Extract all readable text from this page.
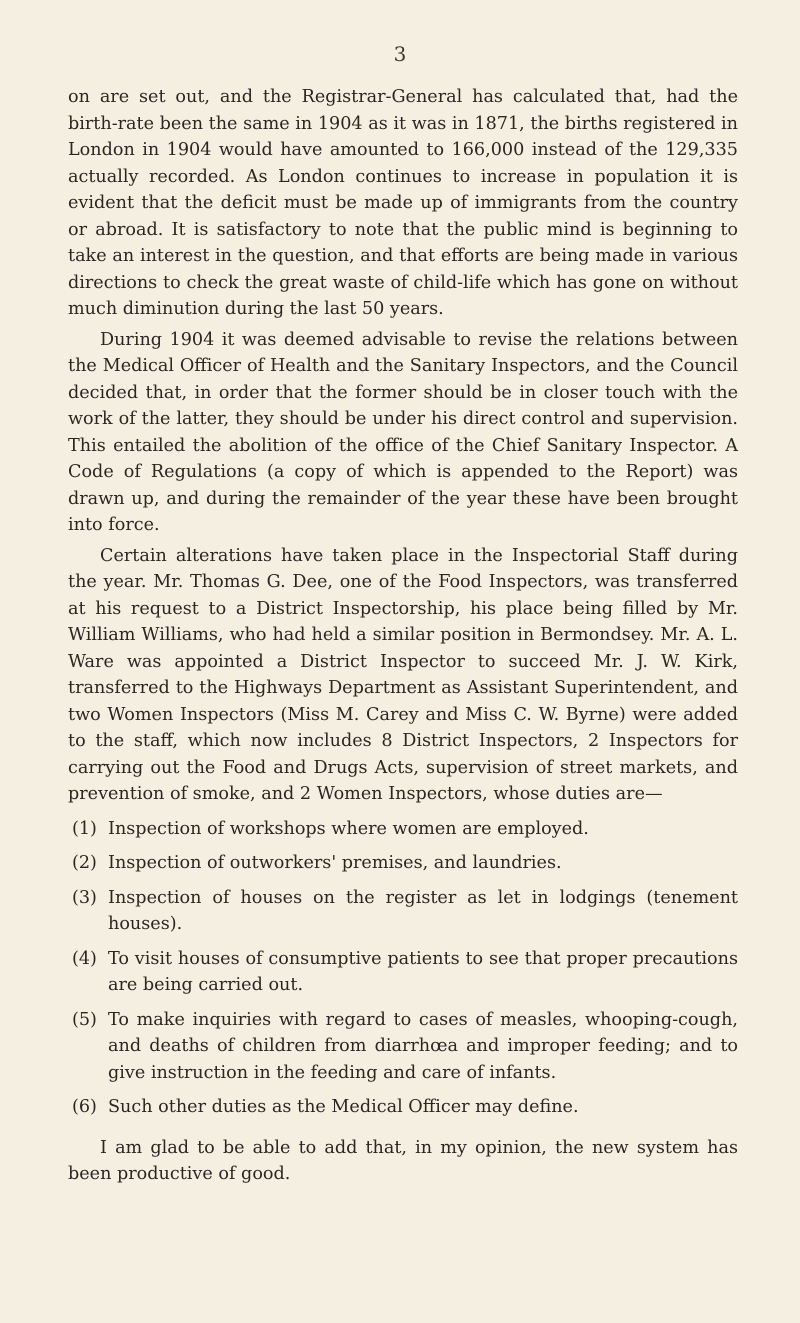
3

on are set out, and the Registrar-General has calculated that, had the birth-rate been the same in 1904 as it was in 1871, the births registered in London in 1904 would have amounted to 166,000 instead of the 129,335 actually recorded. As London continues to increase in population it is evident that the deficit must be made up of immigrants from the country or abroad. It is satisfactory to note that the public mind is beginning to take an interest in the question, and that efforts are being made in various directions to check the great waste of child-life which has gone on without much diminution during the last 50 years.

During 1904 it was deemed advisable to revise the relations between the Medical Officer of Health and the Sanitary Inspectors, and the Council decided that, in order that the former should be in closer touch with the work of the latter, they should be under his direct control and supervision. This entailed the abolition of the office of the Chief Sanitary Inspector. A Code of Regulations (a copy of which is appended to the Report) was drawn up, and during the remainder of the year these have been brought into force.

Certain alterations have taken place in the Inspectorial Staff during the year. Mr. Thomas G. Dee, one of the Food Inspectors, was transferred at his request to a District Inspectorship, his place being filled by Mr. William Williams, who had held a similar position in Bermondsey. Mr. A. L. Ware was appointed a District Inspector to succeed Mr. J. W. Kirk, transferred to the Highways Department as Assistant Superintendent, and two Women Inspectors (Miss M. Carey and Miss C. W. Byrne) were added to the staff, which now includes 8 District Inspectors, 2 Inspectors for carrying out the Food and Drugs Acts, supervision of street markets, and prevention of smoke, and 2 Women Inspectors, whose duties are—

(1) Inspection of workshops where women are employed.
(2) Inspection of outworkers' premises, and laundries.
(3) Inspection of houses on the register as let in lodgings (tenement houses).
(4) To visit houses of consumptive patients to see that proper precautions are being carried out.
(5) To make inquiries with regard to cases of measles, whooping-cough, and deaths of children from diarrhœa and improper feeding; and to give instruction in the feeding and care of infants.
(6) Such other duties as the Medical Officer may define.

I am glad to be able to add that, in my opinion, the new system has been productive of good.
